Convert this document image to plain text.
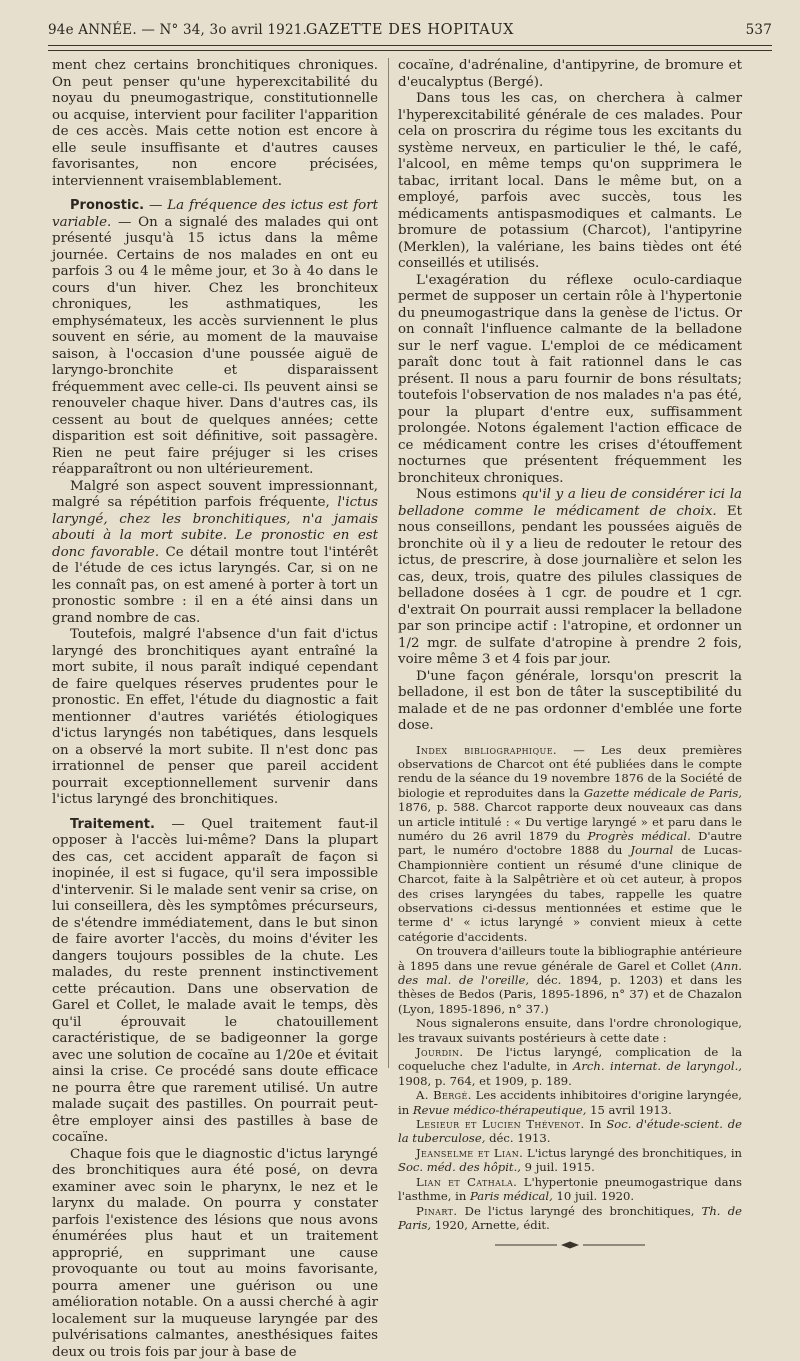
94e ANNÉE. — N° 34, 3o avril 1921.
GAZETTE DES HOPITAUX	537

ment chez certains bronchitiques chroniques. On peut penser qu'une hyperexcitabilité du noyau du pneumogastrique, constitutionnelle ou acquise, intervient pour faciliter l'apparition de ces accès. Mais cette notion est encore à elle seule insuffisante et d'autres causes favorisantes, non encore précisées, interviennent vraisemblablement.

Pronostic. — La fréquence des ictus est fort variable. — On a signalé des malades qui ont présenté jusqu'à 15 ictus dans la même journée. Certains de nos malades en ont eu parfois 3 ou 4 le même jour, et 3o à 4o dans le cours d'un hiver. Chez les bronchiteux chroniques, les asthmatiques, les emphysémateux, les accès surviennent le plus souvent en série, au moment de la mauvaise saison, à l'occasion d'une poussée aiguë de laryngo-bronchite et disparaissent fréquemment avec celle-ci. Ils peuvent ainsi se renouveler chaque hiver. Dans d'autres cas, ils cessent au bout de quelques années; cette disparition est soit définitive, soit passagère. Rien ne peut faire préjuger si les crises réapparaîtront ou non ultérieurement.

Malgré son aspect souvent impressionnant, malgré sa répétition parfois fréquente, l'ictus laryngé, chez les bronchitiques, n'a jamais abouti à la mort subite. Le pronostic en est donc favorable. Ce détail montre tout l'intérêt de l'étude de ces ictus laryngés. Car, si on ne les connaît pas, on est amené à porter à tort un pronostic sombre : il en a été ainsi dans un grand nombre de cas.

Toutefois, malgré l'absence d'un fait d'ictus laryngé des bronchitiques ayant entraîné la mort subite, il nous paraît indiqué cependant de faire quelques réserves prudentes pour le pronostic. En effet, l'étude du diagnostic a fait mentionner d'autres variétés étiologiques d'ictus laryngés non tabétiques, dans lesquels on a observé la mort subite. Il n'est donc pas irrationnel de penser que pareil accident pourrait exceptionnellement survenir dans l'ictus laryngé des bronchitiques.

Traitement. — Quel traitement faut-il opposer à l'accès lui-même? Dans la plupart des cas, cet accident apparaît de façon si inopinée, il est si fugace, qu'il sera impossible d'intervenir. Si le malade sent venir sa crise, on lui conseillera, dès les symptômes précurseurs, de s'étendre immédiatement, dans le but sinon de faire avorter l'accès, du moins d'éviter les dangers toujours possibles de la chute. Les malades, du reste prennent instinctivement cette précaution. Dans une observation de Garel et Collet, le malade avait le temps, dès qu'il éprouvait le chatouillement caractéristique, de se badigeonner la gorge avec une solution de cocaïne au 1/20e et évitait ainsi la crise. Ce procédé sans doute efficace ne pourra être que rarement utilisé. Un autre malade suçait des pastilles. On pourrait peut-être employer ainsi des pastilles à base de cocaïne.

Chaque fois que le diagnostic d'ictus laryngé des bronchitiques aura été posé, on devra examiner avec soin le pharynx, le nez et le larynx du malade. On pourra y constater parfois l'existence des lésions que nous avons énumérées plus haut et un traitement approprié, en supprimant une cause provoquante ou tout au moins favorisante, pourra amener une guérison ou une amélioration notable. On a aussi cherché à agir localement sur la muqueuse laryngée par des pulvérisations calmantes, anesthésiques faites deux ou trois fois par jour à base de

cocaïne, d'adrénaline, d'antipyrine, de bromure et d'eucalyptus (Bergé).

Dans tous les cas, on cherchera à calmer l'hyperexcitabilité générale de ces malades. Pour cela on proscrira du régime tous les excitants du système nerveux, en particulier le thé, le café, l'alcool, en même temps qu'on supprimera le tabac, irritant local. Dans le même but, on a employé, parfois avec succès, tous les médicaments antispasmodiques et calmants. Le bromure de potassium (Charcot), l'antipyrine (Merklen), la valériane, les bains tièdes ont été conseillés et utilisés.

L'exagération du réflexe oculo-cardiaque permet de supposer un certain rôle à l'hypertonie du pneumogastrique dans la genèse de l'ictus. Or on connaît l'influence calmante de la belladone sur le nerf vague. L'emploi de ce médicament paraît donc tout à fait rationnel dans le cas présent. Il nous a paru fournir de bons résultats; toutefois l'observation de nos malades n'a pas été, pour la plupart d'entre eux, suffisamment prolongée. Notons également l'action efficace de ce médicament contre les crises d'étouffement nocturnes que présentent fréquemment les bronchiteux chroniques.

Nous estimons qu'il y a lieu de considérer ici la belladone comme le médicament de choix. Et nous conseillons, pendant les poussées aiguës de bronchite où il y a lieu de redouter le retour des ictus, de prescrire, à dose journalière et selon les cas, deux, trois, quatre des pilules classiques de belladone dosées à 1 cgr. de poudre et 1 cgr. d'extrait On pourrait aussi remplacer la belladone par son principe actif : l'atropine, et ordonner un 1/2 mgr. de sulfate d'atropine à prendre 2 fois, voire même 3 et 4 fois par jour.

D'une façon générale, lorsqu'on prescrit la belladone, il est bon de tâter la susceptibilité du malade et de ne pas ordonner d'emblée une forte dose.

Index bibliographique. — Les deux premières observations de Charcot ont été publiées dans le compte rendu de la séance du 19 novembre 1876 de la Société de biologie et reproduites dans la Gazette médicale de Paris, 1876, p. 588. Charcot rapporte deux nouveaux cas dans un article intitulé : « Du vertige laryngé » et paru dans le numéro du 26 avril 1879 du Progrès médical. D'autre part, le numéro d'octobre 1888 du Journal de Lucas-Championnière contient un résumé d'une clinique de Charcot, faite à la Salpêtrière et où cet auteur, à propos des crises laryngées du tabes, rappelle les quatre observations ci-dessus mentionnées et estime que le terme d' « ictus laryngé » convient mieux à cette catégorie d'accidents.

On trouvera d'ailleurs toute la bibliographie antérieure à 1895 dans une revue générale de Garel et Collet (Ann. des mal. de l'oreille, déc. 1894, p. 1203) et dans les thèses de Bedos (Paris, 1895-1896, n° 37) et de Chazalon (Lyon, 1895-1896, n° 37.)

Nous signalerons ensuite, dans l'ordre chronologique, les travaux suivants postérieurs à cette date :

Jourdin. De l'ictus laryngé, complication de la coqueluche chez l'adulte, in Arch. internat. de laryngol., 1908, p. 764, et 1909, p. 189.

A. Bergé. Les accidents inhibitoires d'origine laryngée, in Revue médico-thérapeutique, 15 avril 1913.

Lesieur et Lucien Thévenot. In Soc. d'étude-scient. de la tuberculose, déc. 1913.

Jeanselme et Lian. L'ictus laryngé des bronchitiques, in Soc. méd. des hôpit., 9 juil. 1915.

Lian et Cathala. L'hypertonie pneumogastrique dans l'asthme, in Paris médical, 10 juil. 1920.

Pinart. De l'ictus laryngé des bronchitiques, Th. de Paris, 1920, Arnette, édit.
